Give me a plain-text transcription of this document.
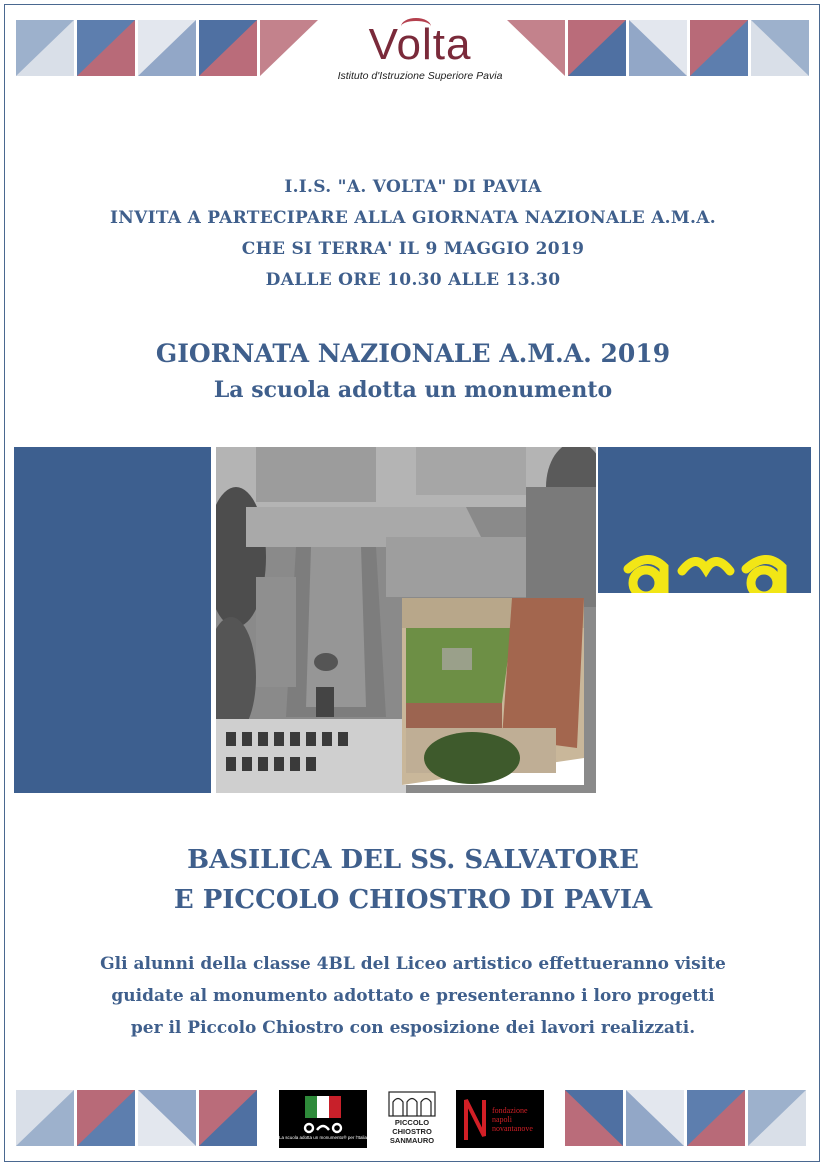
Volta
Istituto d'Istruzione Superiore Pavia
I.I.S. "A. VOLTA" DI PAVIA
INVITA A PARTECIPARE ALLA GIORNATA NAZIONALE A.M.A.
CHE SI TERRA' IL 9 MAGGIO 2019
DALLE ORE 10.30 ALLE 13.30
GIORNATA NAZIONALE A.M.A. 2019
La scuola adotta un monumento
BASILICA DEL SS. SALVATORE
E PICCOLO CHIOSTRO DI PAVIA
Gli alunni della classe 4BL del Liceo artistico effettueranno visite
guidate al monumento adottato e presenteranno i loro progetti
per il Piccolo Chiostro con esposizione dei lavori realizzati.
La scuola adotta un monumento® per l'Italia
PICCOLO
CHIOSTRO
SANMAURO
fondazione
napoli
novantanove
